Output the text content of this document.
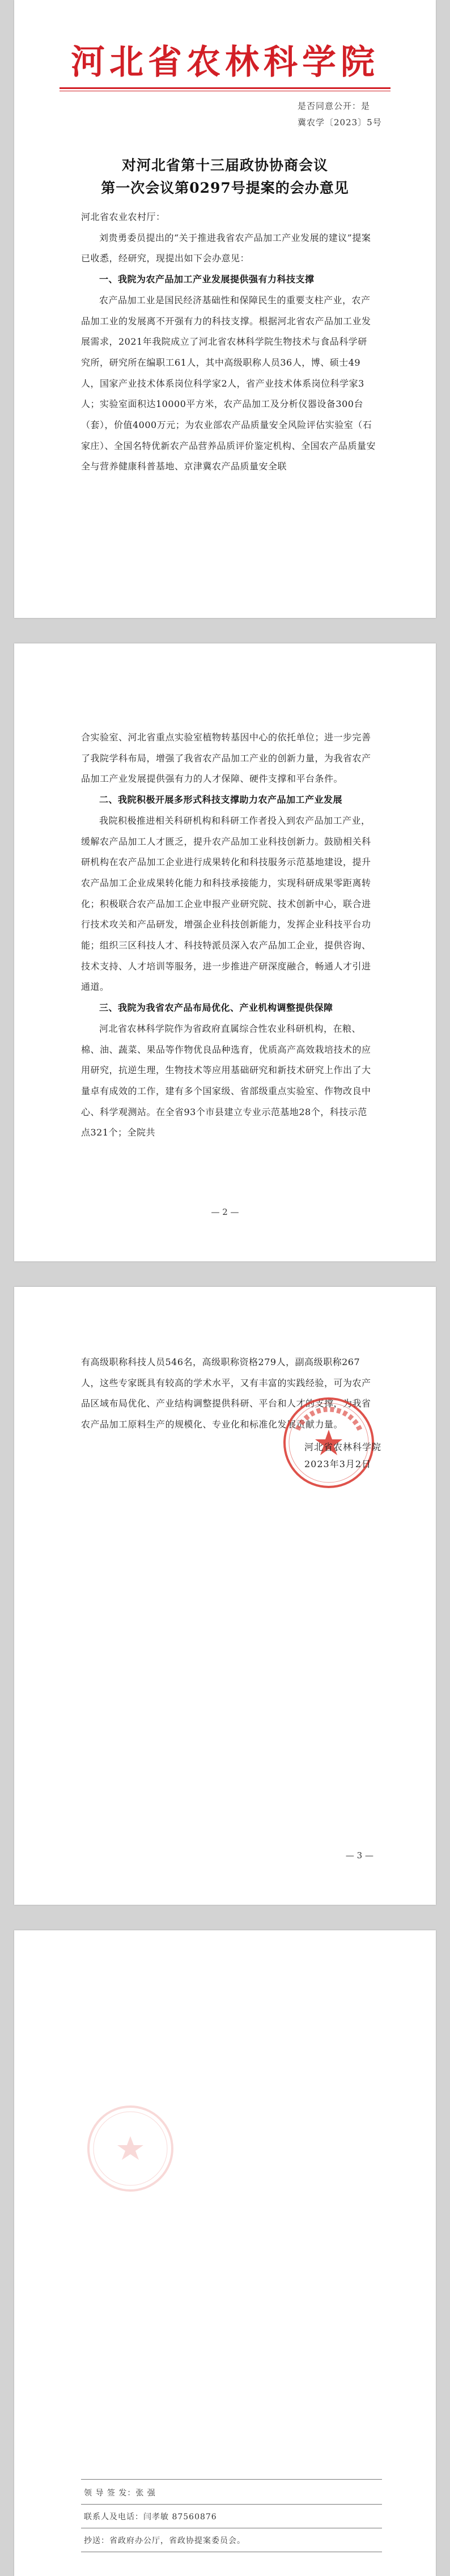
河北省农林科学院
是否同意公开：是
冀农学〔2023〕5号
对河北省第十三届政协协商会议
第一次会议第0297号提案的会办意见

河北省农业农村厅：

刘贵勇委员提出的“关于推进我省农产品加工产业发展的建议”提案已收悉，经研究，现提出如下会办意见：

一、我院为农产品加工产业发展提供强有力科技支撑

农产品加工业是国民经济基础性和保障民生的重要支柱产业，农产品加工业的发展离不开强有力的科技支撑。根据河北省农产品加工业发展需求，2021年我院成立了河北省农林科学院生物技术与食品科学研究所，研究所在编职工61人，其中高级职称人员36人，博、硕士49人，国家产业技术体系岗位科学家2人，省产业技术体系岗位科学家3人；实验室面积达10000平方米，农产品加工及分析仪器设备300台（套），价值4000万元；为农业部农产品质量安全风险评估实验室（石家庄）、全国名特优新农产品营养品质评价鉴定机构、全国农产品质量安全与营养健康科普基地、京津冀农产品质量安全联

合实验室、河北省重点实验室植物转基因中心的依托单位；进一步完善了我院学科布局，增强了我省农产品加工产业的创新力量，为我省农产品加工产业发展提供强有力的人才保障、硬件支撑和平台条件。

二、我院积极开展多形式科技支撑助力农产品加工产业发展

我院积极推进相关科研机构和科研工作者投入到农产品加工产业，缓解农产品加工人才匮乏，提升农产品加工业科技创新力。鼓励相关科研机构在农产品加工企业进行成果转化和科技服务示范基地建设，提升农产品加工企业成果转化能力和科技承接能力，实现科研成果零距离转化；积极联合农产品加工企业申报产业研究院、技术创新中心，联合进行技术攻关和产品研发，增强企业科技创新能力，发挥企业科技平台功能；组织三区科技人才、科技特派员深入农产品加工企业，提供咨询、技术支持、人才培训等服务，进一步推进产研深度融合，畅通人才引进通道。

三、我院为我省农产品布局优化、产业机构调整提供保障

河北省农林科学院作为省政府直属综合性农业科研机构，在粮、棉、油、蔬菜、果品等作物优良品种选育，优质高产高效栽培技术的应用研究，抗逆生理，生物技术等应用基础研究和新技术研究上作出了大量卓有成效的工作，建有多个国家级、省部级重点实验室、作物改良中心、科学观测站。在全省93个市县建立专业示范基地28个，科技示范点321个；全院共

— 2 —

有高级职称科技人员546名，高级职称资格279人，副高级职称267人，这些专家既具有较高的学术水平，又有丰富的实践经验，可为农产品区域布局优化、产业结构调整提供科研、平台和人才的支撑，为我省农产品加工原料生产的规模化、专业化和标准化发展贡献力量。

河北省农林科学院
2023年3月2日
— 3 —
领 导 签 发：张 强
联系人及电话：闫孝敏 87560876
抄送：省政府办公厅，省政协提案委员会。
